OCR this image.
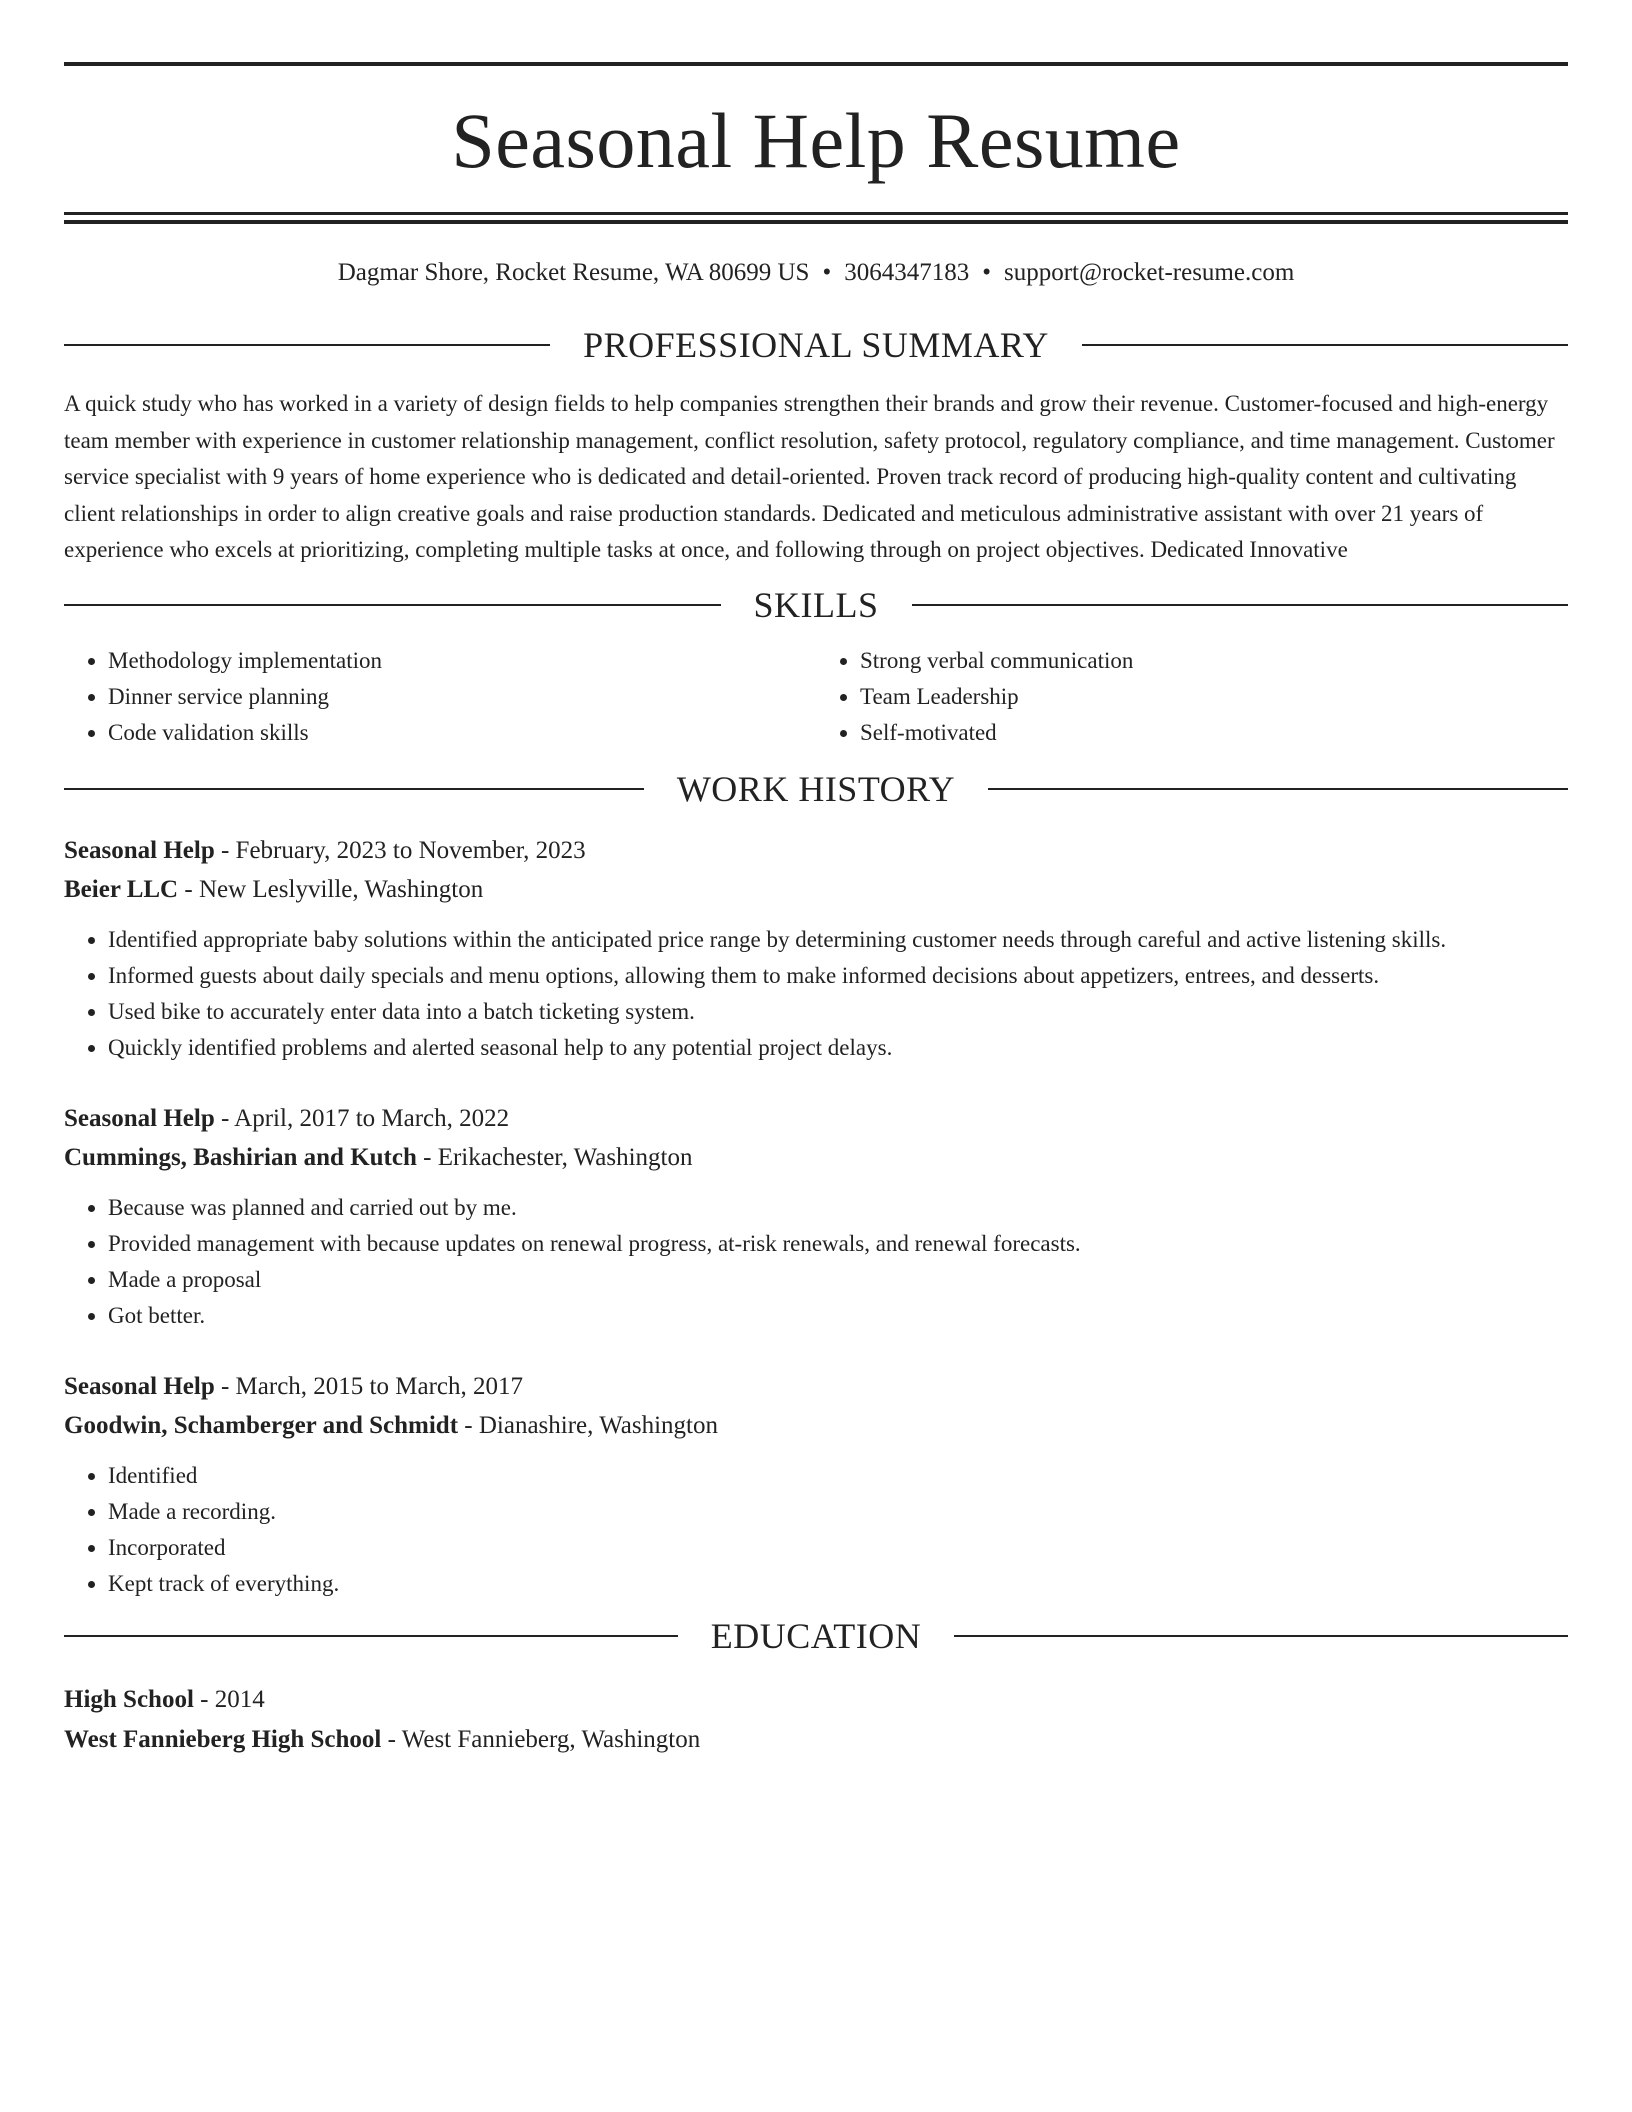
Seasonal Help Resume
Dagmar Shore, Rocket Resume, WA 80699 US • 3064347183 • support@rocket-resume.com
PROFESSIONAL SUMMARY

A quick study who has worked in a variety of design fields to help companies strengthen their brands and grow their revenue. Customer-focused and high-energy team member with experience in customer relationship management, conflict resolution, safety protocol, regulatory compliance, and time management. Customer service specialist with 9 years of home experience who is dedicated and detail-oriented. Proven track record of producing high-quality content and cultivating client relationships in order to align creative goals and raise production standards. Dedicated and meticulous administrative assistant with over 21 years of experience who excels at prioritizing, completing multiple tasks at once, and following through on project objectives. Dedicated Innovative

SKILLS
• Methodology implementation
• Dinner service planning
• Code validation skills
• Strong verbal communication
• Team Leadership
• Self-motivated
WORK HISTORY
Seasonal Help - February, 2023 to November, 2023
Beier LLC - New Leslyville, Washington
• Identified appropriate baby solutions within the anticipated price range by determining customer needs through careful and active listening skills.
• Informed guests about daily specials and menu options, allowing them to make informed decisions about appetizers, entrees, and desserts.
• Used bike to accurately enter data into a batch ticketing system.
• Quickly identified problems and alerted seasonal help to any potential project delays.
Seasonal Help - April, 2017 to March, 2022
Cummings, Bashirian and Kutch - Erikachester, Washington
• Because was planned and carried out by me.
• Provided management with because updates on renewal progress, at-risk renewals, and renewal forecasts.
• Made a proposal
• Got better.
Seasonal Help - March, 2015 to March, 2017
Goodwin, Schamberger and Schmidt - Dianashire, Washington
• Identified
• Made a recording.
• Incorporated
• Kept track of everything.
EDUCATION
High School - 2014
West Fannieberg High School - West Fannieberg, Washington
